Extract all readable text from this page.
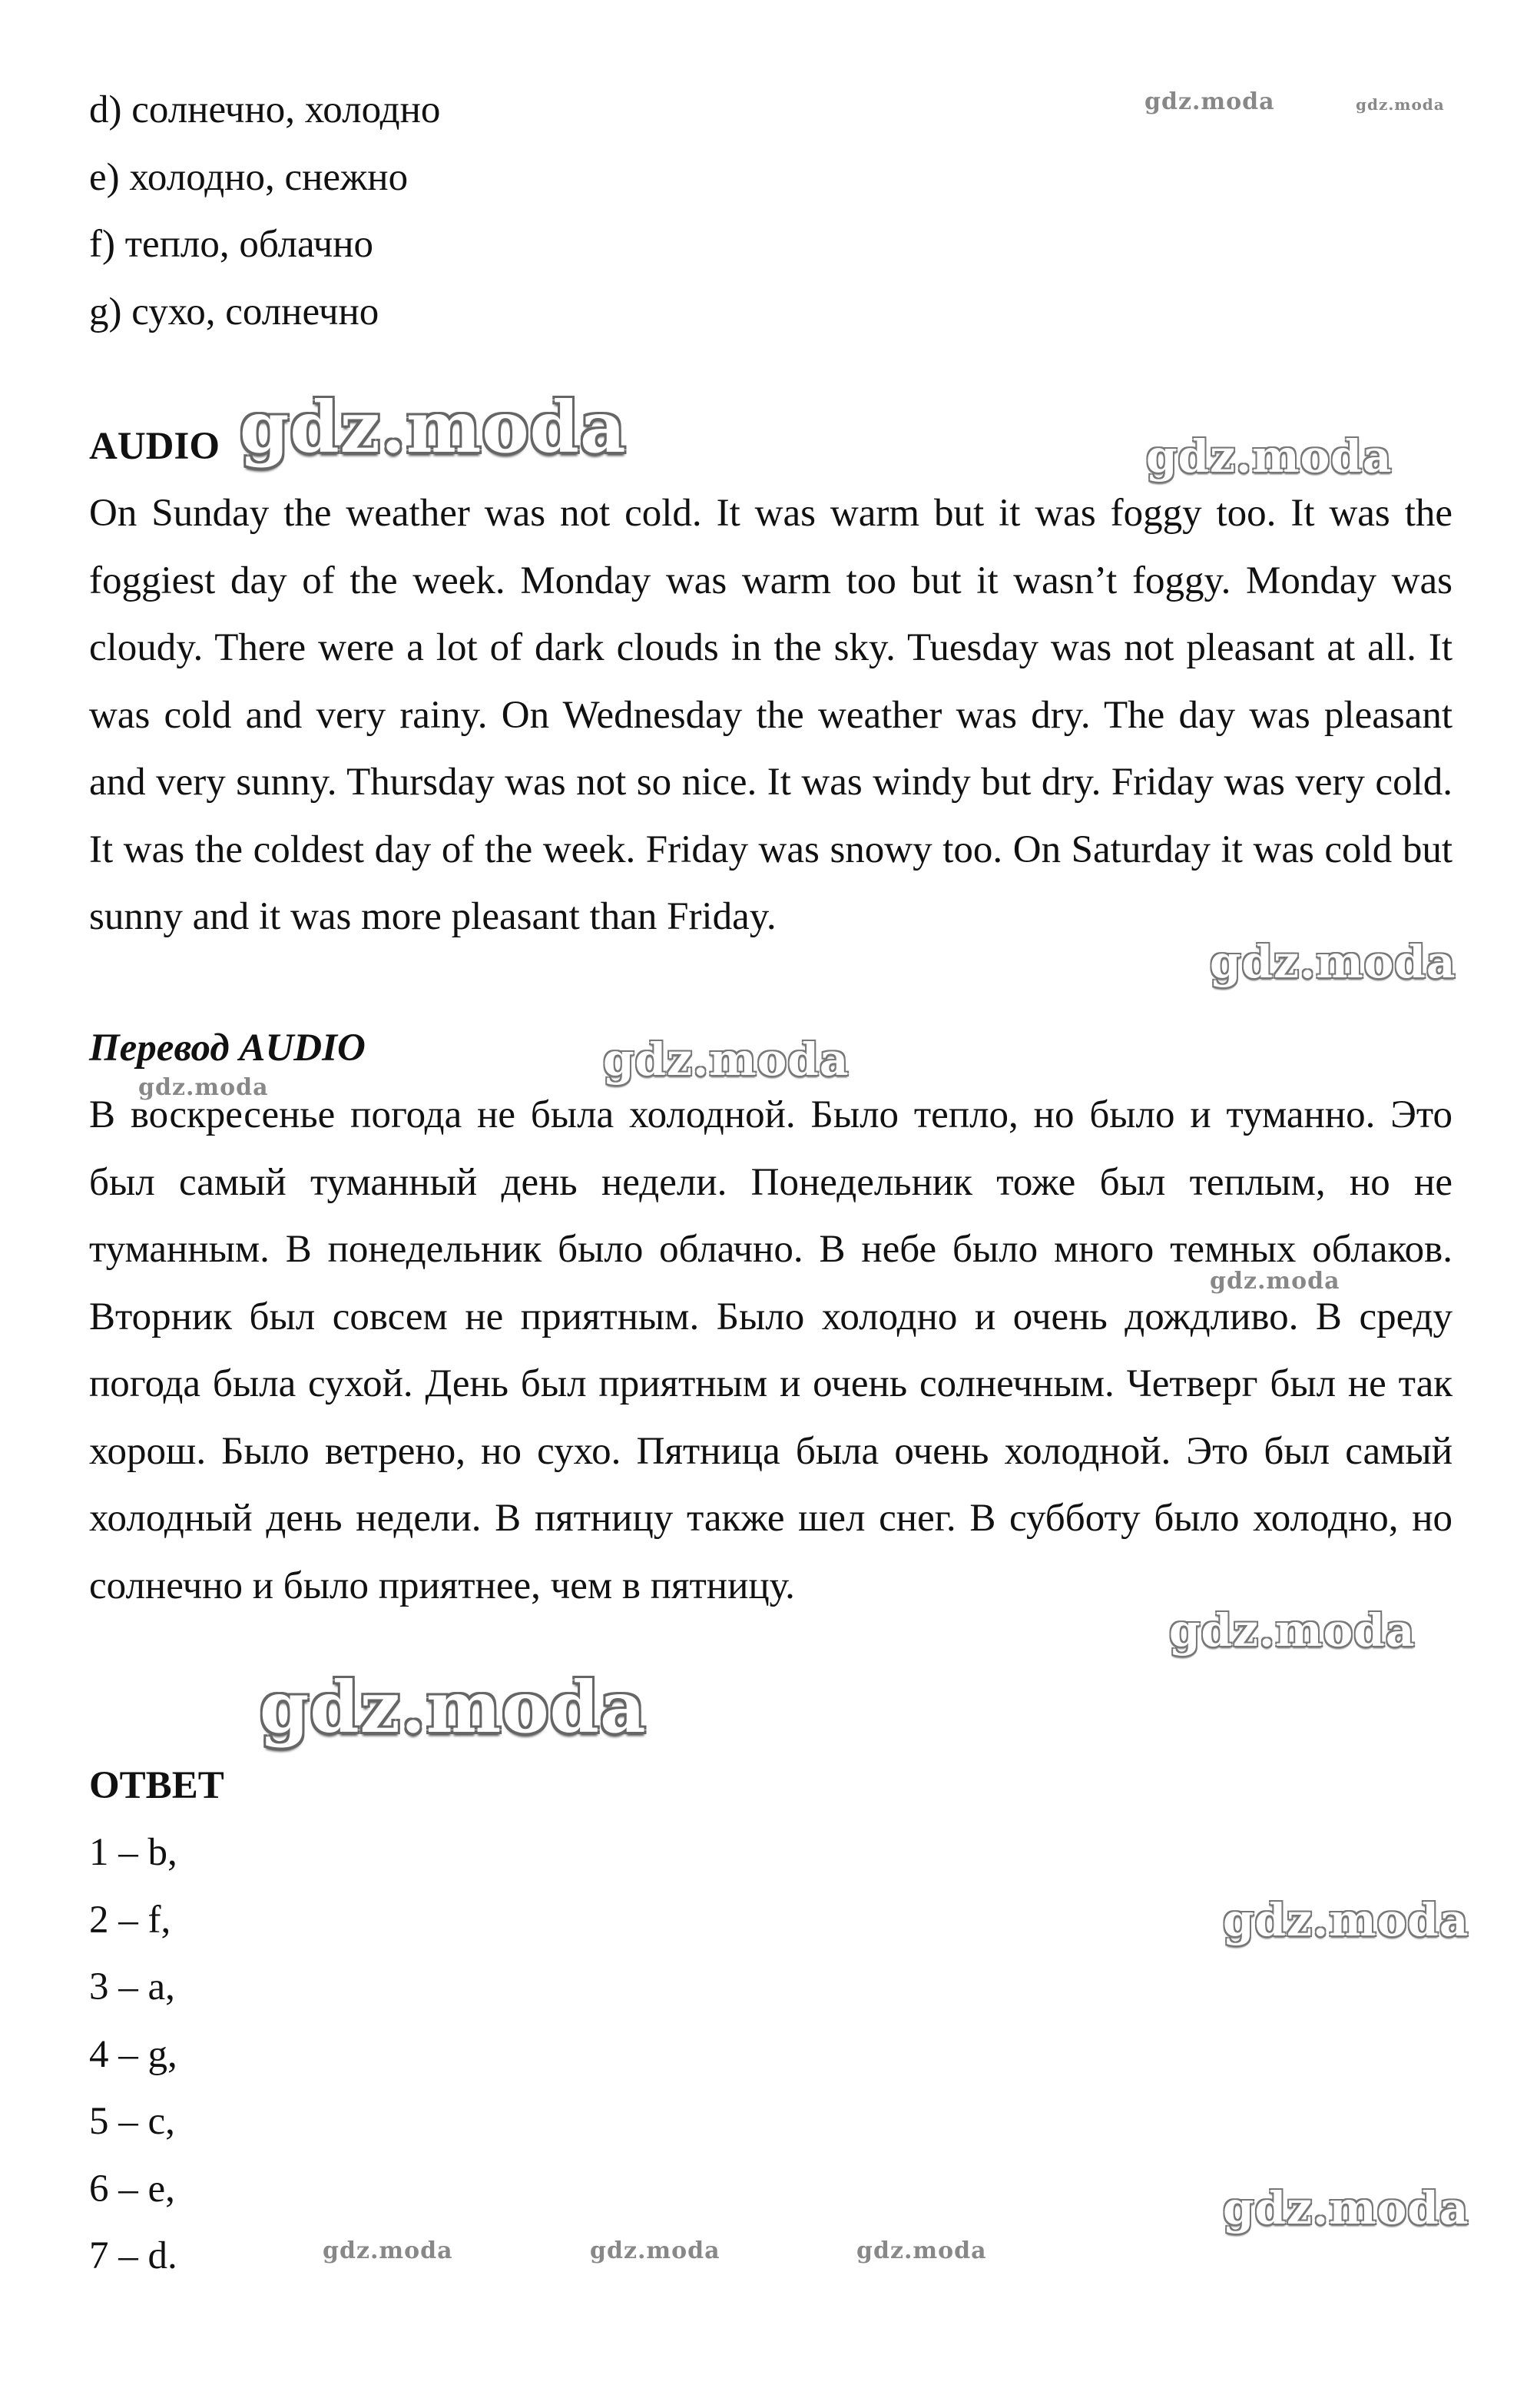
d) солнечно, холодно
e) холодно, снежно
f) тепло, облачно
g) сухо, солнечно
AUDIO

On Sunday the weather was not cold. It was warm but it was foggy too. It was the foggiest day of the week. Monday was warm too but it wasn’t foggy. Monday was cloudy. There were a lot of dark clouds in the sky. Tuesday was not pleasant at all. It was cold and very rainy. On Wednesday the weather was dry. The day was pleasant and very sunny. Thursday was not so nice. It was windy but dry. Friday was very cold. It was the coldest day of the week. Friday was snowy too. On Saturday it was cold but sunny and it was more pleasant than Friday.

Перевод AUDIO

В воскресенье погода не была холодной. Было тепло, но было и туманно. Это был самый туманный день недели. Понедельник тоже был теплым, но не туманным. В понедельник было облачно. В небе было много темных облаков. Вторник был совсем не приятным. Было холодно и очень дождливо. В среду погода была сухой. День был приятным и очень солнечным. Четверг был не так хорош. Было ветрено, но сухо. Пятница была очень холодной. Это был самый холодный день недели. В пятницу также шел снег. В субботу было холодно, но солнечно и было приятнее, чем в пятницу.

ОТВЕТ
1 – b,
2 – f,
3 – a,
4 – g,
5 – c,
6 – e,
7 – d.
gdz.moda	gdz.moda
gdz.moda	gdz.moda
gdz.moda
gdz.moda
gdz.moda
gdz.moda
gdz.moda
gdz.moda
gdz.moda
gdz.moda
gdz.moda	gdz.moda	gdz.moda
